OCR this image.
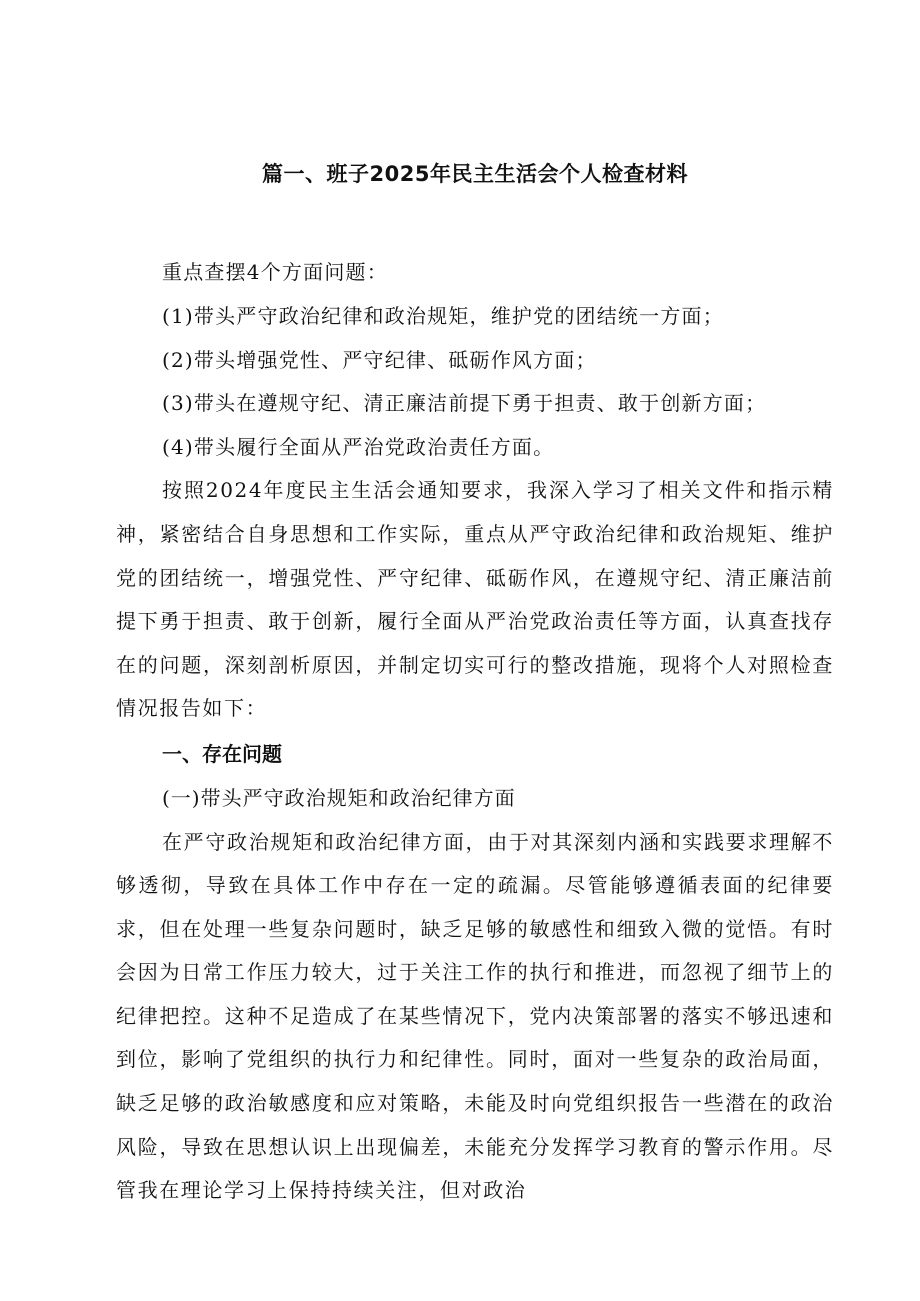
篇一、班子2025年民主生活会个人检查材料

重点查摆4个方面问题：

(1)带头严守政治纪律和政治规矩，维护党的团结统一方面；

(2)带头增强党性、严守纪律、砥砺作风方面；

(3)带头在遵规守纪、清正廉洁前提下勇于担责、敢于创新方面；

(4)带头履行全面从严治党政治责任方面。

按照2024年度民主生活会通知要求，我深入学习了相关文件和指示精神，紧密结合自身思想和工作实际，重点从严守政治纪律和政治规矩、维护党的团结统一，增强党性、严守纪律、砥砺作风，在遵规守纪、清正廉洁前提下勇于担责、敢于创新，履行全面从严治党政治责任等方面，认真查找存在的问题，深刻剖析原因，并制定切实可行的整改措施，现将个人对照检查情况报告如下：

一、存在问题

(一)带头严守政治规矩和政治纪律方面

在严守政治规矩和政治纪律方面，由于对其深刻内涵和实践要求理解不够透彻，导致在具体工作中存在一定的疏漏。尽管能够遵循表面的纪律要求，但在处理一些复杂问题时，缺乏足够的敏感性和细致入微的觉悟。有时会因为日常工作压力较大，过于关注工作的执行和推进，而忽视了细节上的纪律把控。这种不足造成了在某些情况下，党内决策部署的落实不够迅速和到位，影响了党组织的执行力和纪律性。同时，面对一些复杂的政治局面，缺乏足够的政治敏感度和应对策略，未能及时向党组织报告一些潜在的政治风险，导致在思想认识上出现偏差，未能充分发挥学习教育的警示作用。尽管我在理论学习上保持持续关注，但对政治
